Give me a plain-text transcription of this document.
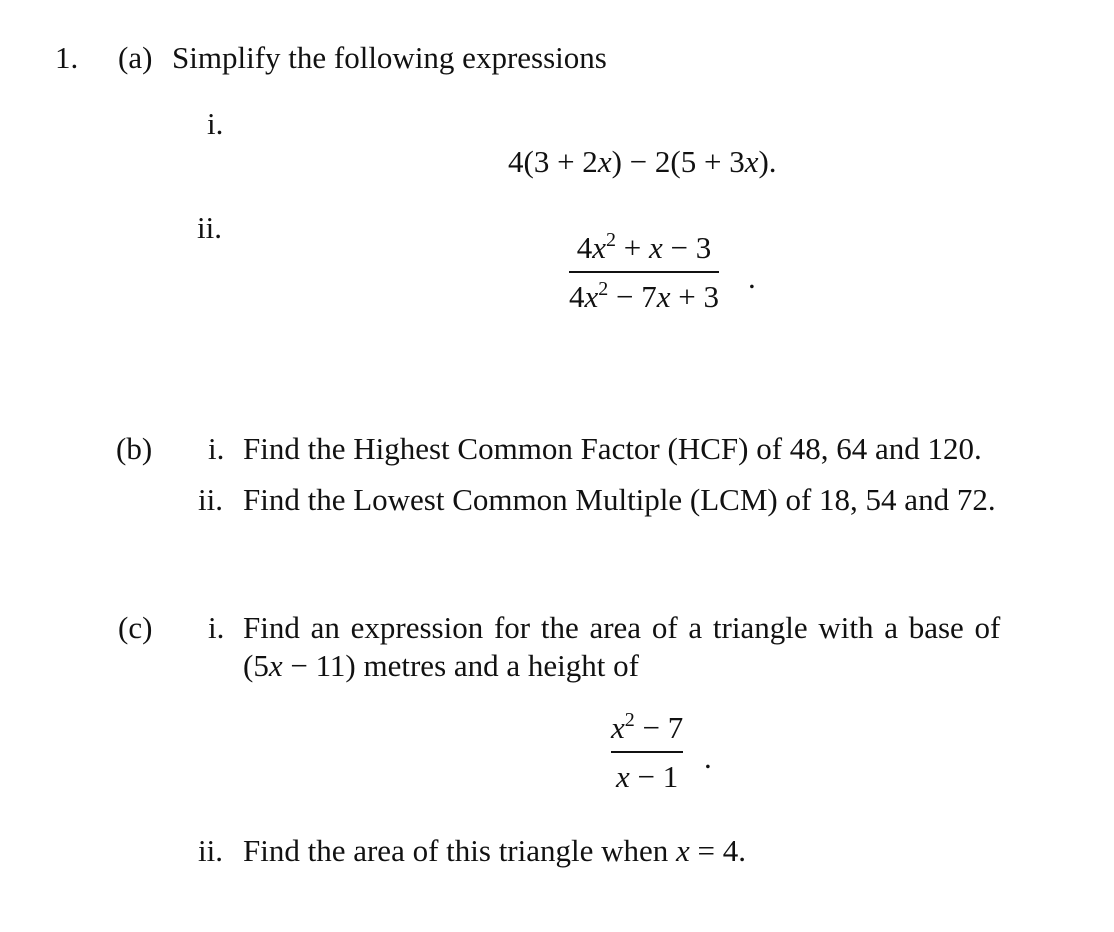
1. (a) Simplify the following expressions
i.
4(3 + 2x) − 2(5 + 3x).
ii.
$4x^2 + x - 3$
$4x^2 - 7x + 3$
.
(b) i. Find the Highest Common Factor (HCF) of 48, 64 and 120.
ii. Find the Lowest Common Multiple (LCM) of 18, 54 and 72.
(c) i. Find an expression for the area of a triangle with a base of
(5x − 11) metres and a height of
$x^2 - 7$
x − 1
.
ii. Find the area of this triangle when x = 4.
